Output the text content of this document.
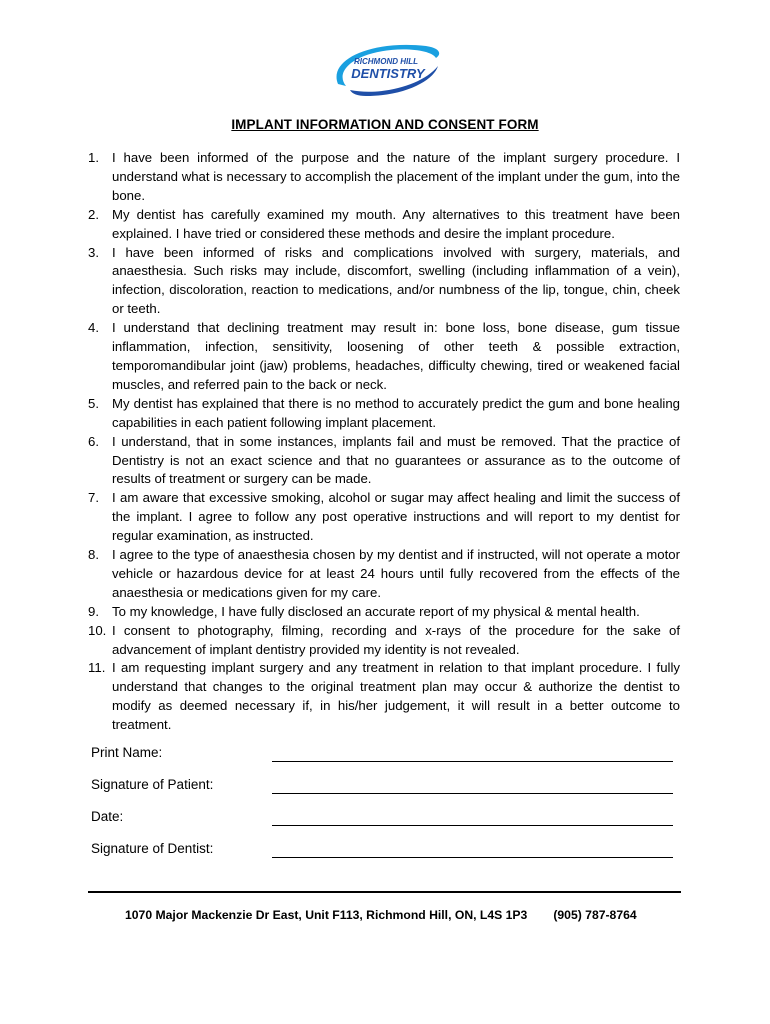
RICHMOND HILL
DENTISTRY
IMPLANT INFORMATION AND CONSENT FORM
1. I have been informed of the purpose and the nature of the implant surgery procedure. I understand what is necessary to accomplish the placement of the implant under the gum, into the bone.
2. My dentist has carefully examined my mouth. Any alternatives to this treatment have been explained. I have tried or considered these methods and desire the implant procedure.
3. I have been informed of risks and complications involved with surgery, materials, and anaesthesia. Such risks may include, discomfort, swelling (including inflammation of a vein), infection, discoloration, reaction to medications, and/or numbness of the lip, tongue, chin, cheek or teeth.
4. I understand that declining treatment may result in: bone loss, bone disease, gum tissue inflammation, infection, sensitivity, loosening of other teeth & possible extraction, temporomandibular joint (jaw) problems, headaches, difficulty chewing, tired or weakened facial muscles, and referred pain to the back or neck.
5. My dentist has explained that there is no method to accurately predict the gum and bone healing capabilities in each patient following implant placement.
6. I understand, that in some instances, implants fail and must be removed. That the practice of Dentistry is not an exact science and that no guarantees or assurance as to the outcome of results of treatment or surgery can be made.
7. I am aware that excessive smoking, alcohol or sugar may affect healing and limit the success of the implant. I agree to follow any post operative instructions and will report to my dentist for regular examination, as instructed.
8. I agree to the type of anaesthesia chosen by my dentist and if instructed, will not operate a motor vehicle or hazardous device for at least 24 hours until fully recovered from the effects of the anaesthesia or medications given for my care.
9. To my knowledge, I have fully disclosed an accurate report of my physical & mental health.
10. I consent to photography, filming, recording and x-rays of the procedure for the sake of advancement of implant dentistry provided my identity is not revealed.
11. I am requesting implant surgery and any treatment in relation to that implant procedure. I fully understand that changes to the original treatment plan may occur & authorize the dentist to modify as deemed necessary if, in his/her judgement, it will result in a better outcome to treatment.
Print Name:
Signature of Patient:
Date:
Signature of Dentist:
1070 Major Mackenzie Dr East, Unit F113, Richmond Hill, ON, L4S 1P3 (905) 787-8764
